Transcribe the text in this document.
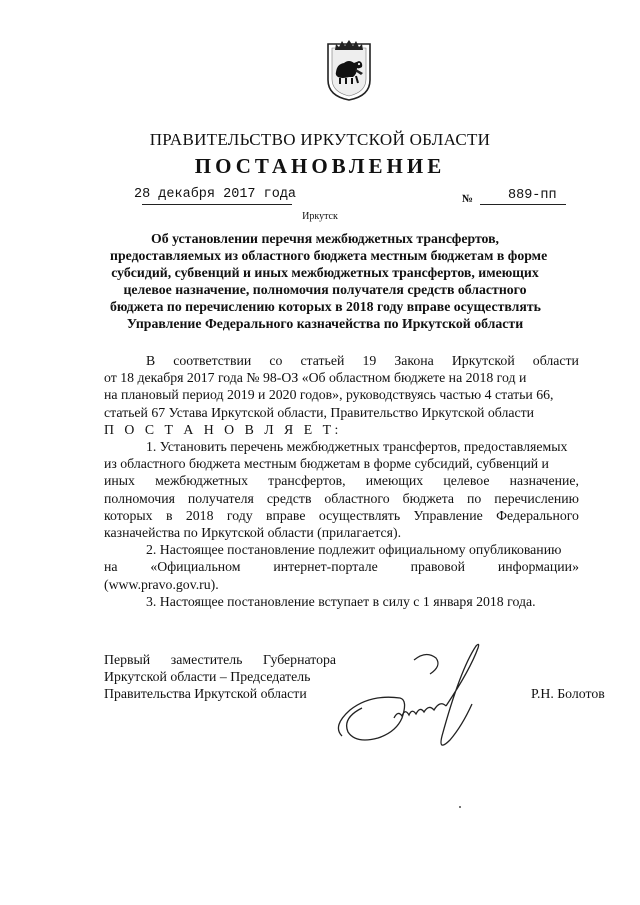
ПРАВИТЕЛЬСТВО ИРКУТСКОЙ ОБЛАСТИ
ПОСТАНОВЛЕНИЕ
28 декабря 2017 года	№	889-пп
Иркутск
Об установлении перечня межбюджетных трансфертов,
предоставляемых из областного бюджета местным бюджетам в форме
субсидий, субвенций и иных межбюджетных трансфертов, имеющих
целевое назначение, полномочия получателя средств областного
бюджета по перечислению которых в 2018 году вправе осуществлять
Управление Федерального казначейства по Иркутской области
В соответствии со статьей 19 Закона Иркутской области
от 18 декабря 2017 года № 98-ОЗ «Об областном бюджете на 2018 год и
на плановый период 2019 и 2020 годов», руководствуясь частью 4 статьи 66,
статьей 67 Устава Иркутской области, Правительство Иркутской области
П О С Т А Н О В Л Я Е Т:
1. Установить перечень межбюджетных трансфертов, предоставляемых
из областного бюджета местным бюджетам в форме субсидий, субвенций и
иных межбюджетных трансфертов, имеющих целевое назначение,
полномочия получателя средств областного бюджета по перечислению
которых в 2018 году вправе осуществлять Управление Федерального
казначейства по Иркутской области (прилагается).
2. Настоящее постановление подлежит официальному опубликованию
на «Официальном интернет-портале правовой информации»
(www.pravo.gov.ru).
3. Настоящее постановление вступает в силу с 1 января 2018 года.
Первый заместитель Губернатора
Иркутской области – Председатель
Правительства Иркутской области	Р.Н. Болотов
